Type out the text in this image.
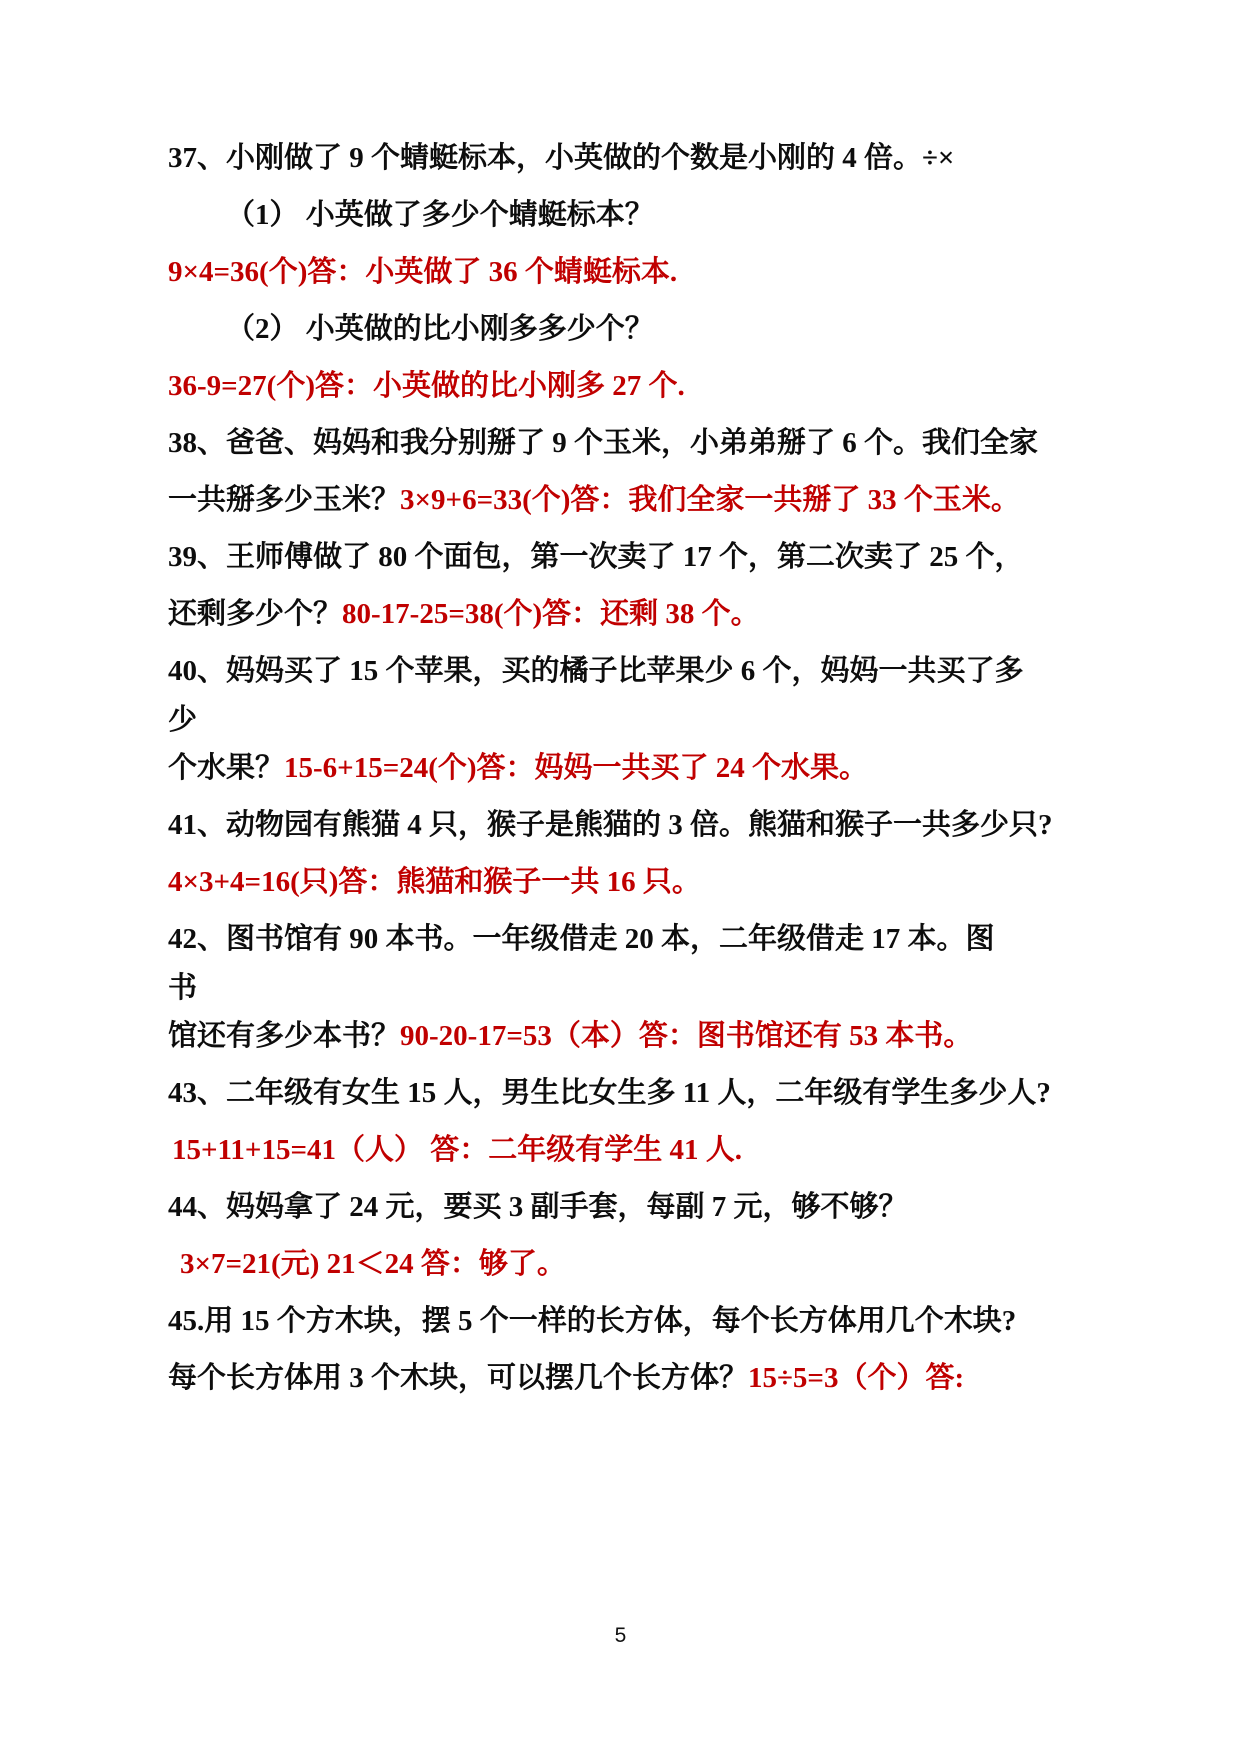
37、小刚做了 9 个蜻蜓标本，小英做的个数是小刚的 4 倍。÷×
（1） 小英做了多少个蜻蜓标本？
9×4=36(个)答：小英做了 36 个蜻蜓标本.
（2） 小英做的比小刚多多少个？
36-9=27(个)答：小英做的比小刚多 27 个.
38、爸爸、妈妈和我分别掰了 9 个玉米，小弟弟掰了 6 个。我们全家
一共掰多少玉米？3×9+6=33(个)答：我们全家一共掰了 33 个玉米。
39、王师傅做了 80 个面包，第一次卖了 17 个，第二次卖了 25 个，
还剩多少个？80-17-25=38(个)答：还剩 38 个。
40、妈妈买了 15 个苹果，买的橘子比苹果少 6 个，妈妈一共买了多
少
个水果？15-6+15=24(个)答：妈妈一共买了 24 个水果。
41、动物园有熊猫 4 只，猴子是熊猫的 3 倍。熊猫和猴子一共多少只?
4×3+4=16(只)答：熊猫和猴子一共 16 只。
42、图书馆有 90 本书。一年级借走 20 本，二年级借走 17 本。图
书
馆还有多少本书？90-20-17=53（本）答：图书馆还有 53 本书。
43、二年级有女生 15 人，男生比女生多 11 人，二年级有学生多少人?
15+11+15=41（人） 答：二年级有学生 41 人.
44、妈妈拿了 24 元，要买 3 副手套，每副 7 元，够不够？
3×7=21(元) 21＜24 答：够了。
45.用 15 个方木块，摆 5 个一样的长方体，每个长方体用几个木块?
每个长方体用 3 个木块，可以摆几个长方体？15÷5=3（个）答:
5
